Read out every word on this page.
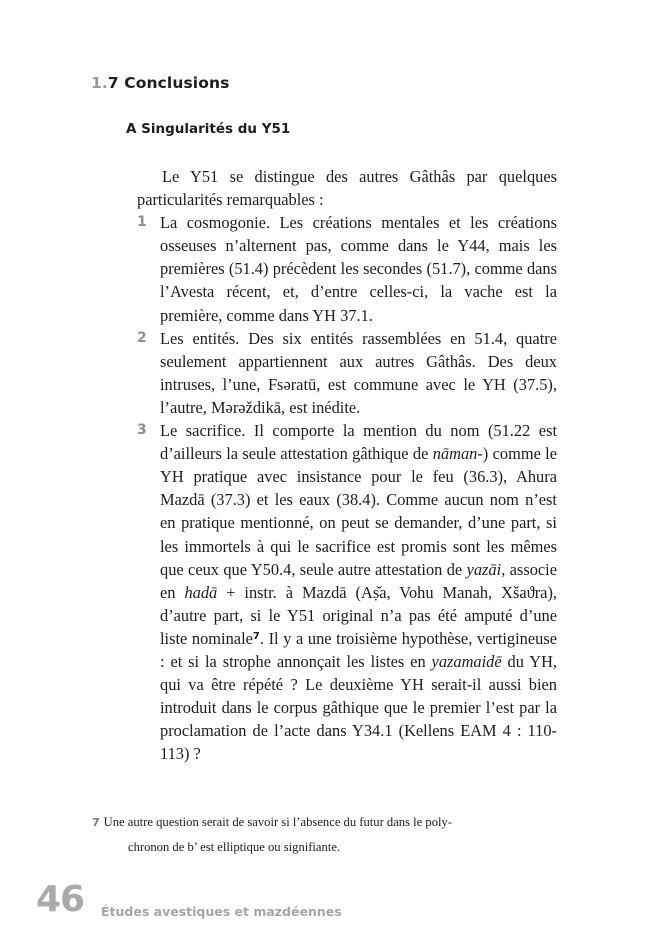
1.7 Conclusions
A Singularités du Y51

Le Y51 se distingue des autres Gâthâs par quelques particularités remarquables :

1 La cosmogonie. Les créations mentales et les créations osseuses n’alternent pas, comme dans le Y44, mais les premières (51.4) précèdent les secondes (51.7), comme dans l’Avesta récent, et, d’entre celles-ci, la vache est la première, comme dans YH 37.1.
2 Les entités. Des six entités rassemblées en 51.4, quatre seulement appartiennent aux autres Gâthâs. Des deux intruses, l’une, Fsəratū, est commune avec le YH (37.5), l’autre, Mərəždikā, est inédite.
3 Le sacrifice. Il comporte la mention du nom (51.22 est d’ailleurs la seule attestation gâthique de nāman-) comme le YH pratique avec insistance pour le feu (36.3), Ahura Mazdā (37.3) et les eaux (38.4). Comme aucun nom n’est en pratique mentionné, on peut se demander, d’une part, si les immortels à qui le sacrifice est promis sont les mêmes que ceux que Y50.4, seule autre attestation de yazāi, associe en hadā + instr. à Mazdā (Aṣ̌a, Vohu Manah, Xšaϑra), d’autre part, si le Y51 original n’a pas été amputé d’une liste nominale$^7$. Il y a une troisième hypothèse, vertigineuse : et si la strophe annonçait les listes en yazamaidē du YH, qui va être répété ? Le deuxième YH serait-il aussi bien introduit dans le corpus gâthique que le premier l’est par la proclamation de l’acte dans Y34.1 (Kellens EAM 4 : 110-113) ?
7 Une autre question serait de savoir si l’absence du futur dans le poly-
chronon de b’ est elliptique ou signifiante.
46 Études avestiques et mazdéennes
